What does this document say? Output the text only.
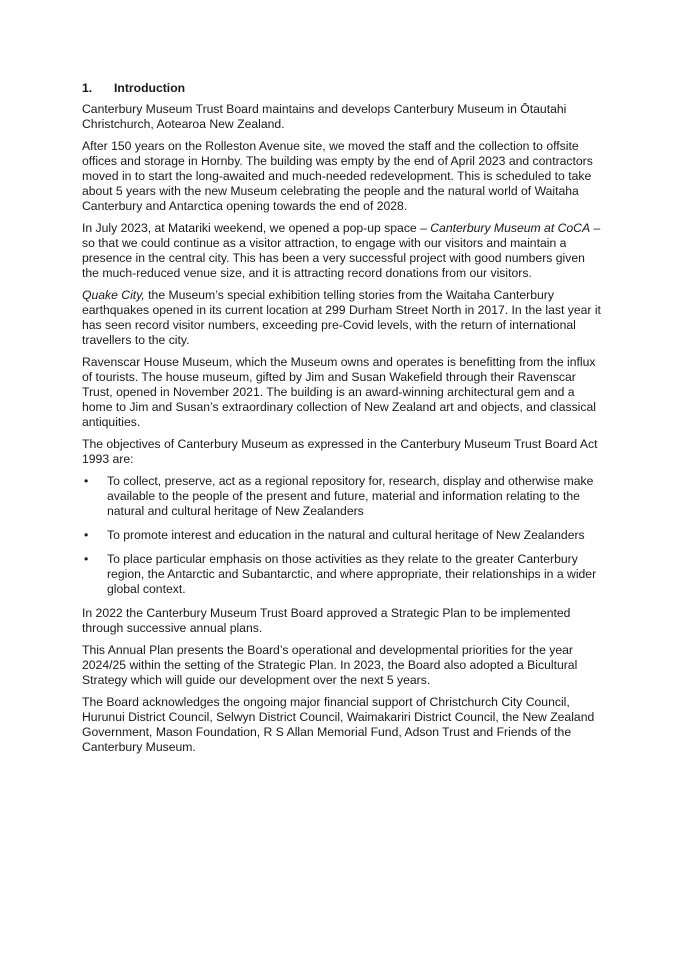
1.	Introduction

Canterbury Museum Trust Board maintains and develops Canterbury Museum in Ōtautahi Christchurch, Aotearoa New Zealand.

After 150 years on the Rolleston Avenue site, we moved the staff and the collection to offsite offices and storage in Hornby. The building was empty by the end of April 2023 and contractors moved in to start the long-awaited and much-needed redevelopment. This is scheduled to take about 5 years with the new Museum celebrating the people and the natural world of Waitaha Canterbury and Antarctica opening towards the end of 2028.

In July 2023, at Matariki weekend, we opened a pop-up space – Canterbury Museum at CoCA – so that we could continue as a visitor attraction, to engage with our visitors and maintain a presence in the central city. This has been a very successful project with good numbers given the much-reduced venue size, and it is attracting record donations from our visitors.

Quake City, the Museum’s special exhibition telling stories from the Waitaha Canterbury earthquakes opened in its current location at 299 Durham Street North in 2017. In the last year it has seen record visitor numbers, exceeding pre-Covid levels, with the return of international travellers to the city.

Ravenscar House Museum, which the Museum owns and operates is benefitting from the influx of tourists. The house museum, gifted by Jim and Susan Wakefield through their Ravenscar Trust, opened in November 2021. The building is an award-winning architectural gem and a home to Jim and Susan’s extraordinary collection of New Zealand art and objects, and classical antiquities.

The objectives of Canterbury Museum as expressed in the Canterbury Museum Trust Board Act 1993 are:

• To collect, preserve, act as a regional repository for, research, display and otherwise make available to the people of the present and future, material and information relating to the natural and cultural heritage of New Zealanders
• To promote interest and education in the natural and cultural heritage of New Zealanders
• To place particular emphasis on those activities as they relate to the greater Canterbury region, the Antarctic and Subantarctic, and where appropriate, their relationships in a wider global context.

In 2022 the Canterbury Museum Trust Board approved a Strategic Plan to be implemented through successive annual plans.

This Annual Plan presents the Board’s operational and developmental priorities for the year 2024/25 within the setting of the Strategic Plan. In 2023, the Board also adopted a Bicultural Strategy which will guide our development over the next 5 years.

The Board acknowledges the ongoing major financial support of Christchurch City Council, Hurunui District Council, Selwyn District Council, Waimakariri District Council, the New Zealand Government, Mason Foundation, R S Allan Memorial Fund, Adson Trust and Friends of the Canterbury Museum.
